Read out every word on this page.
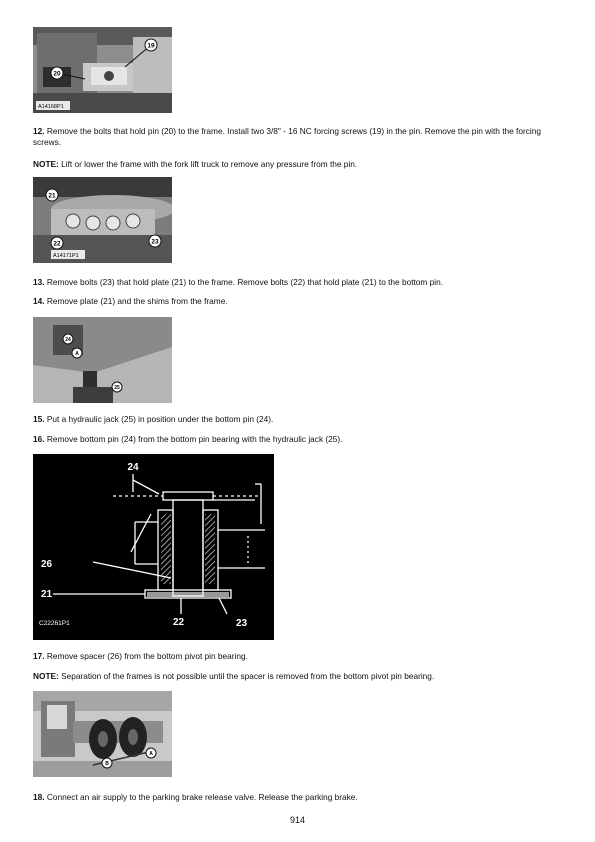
19
20
A14168P1
12. Remove the bolts that hold pin (20) to the frame. Install two 3/8" - 16 NC forcing screws (19) in the pin. Remove the pin with the forcing screws.
NOTE: Lift or lower the frame with the fork lift truck to remove any pressure from the pin.
21
22	23
A14171P1
13. Remove bolts (23) that hold plate (21) to the frame. Remove bolts (22) that hold plate (21) to the bottom pin.
14. Remove plate (21) and the shims from the frame.
24
A
25
15. Put a hydraulic jack (25) in position under the bottom pin (24).
16. Remove bottom pin (24) from the bottom pin bearing with the hydraulic jack (25).
24
26
21
22	23
C22261P1
17. Remove spacer (26) from the bottom pivot pin bearing.
NOTE: Separation of the frames is not possible until the spacer is removed from the bottom pivot pin bearing.
B
A
18. Connect an air supply to the parking brake release valve. Release the parking brake.
914
